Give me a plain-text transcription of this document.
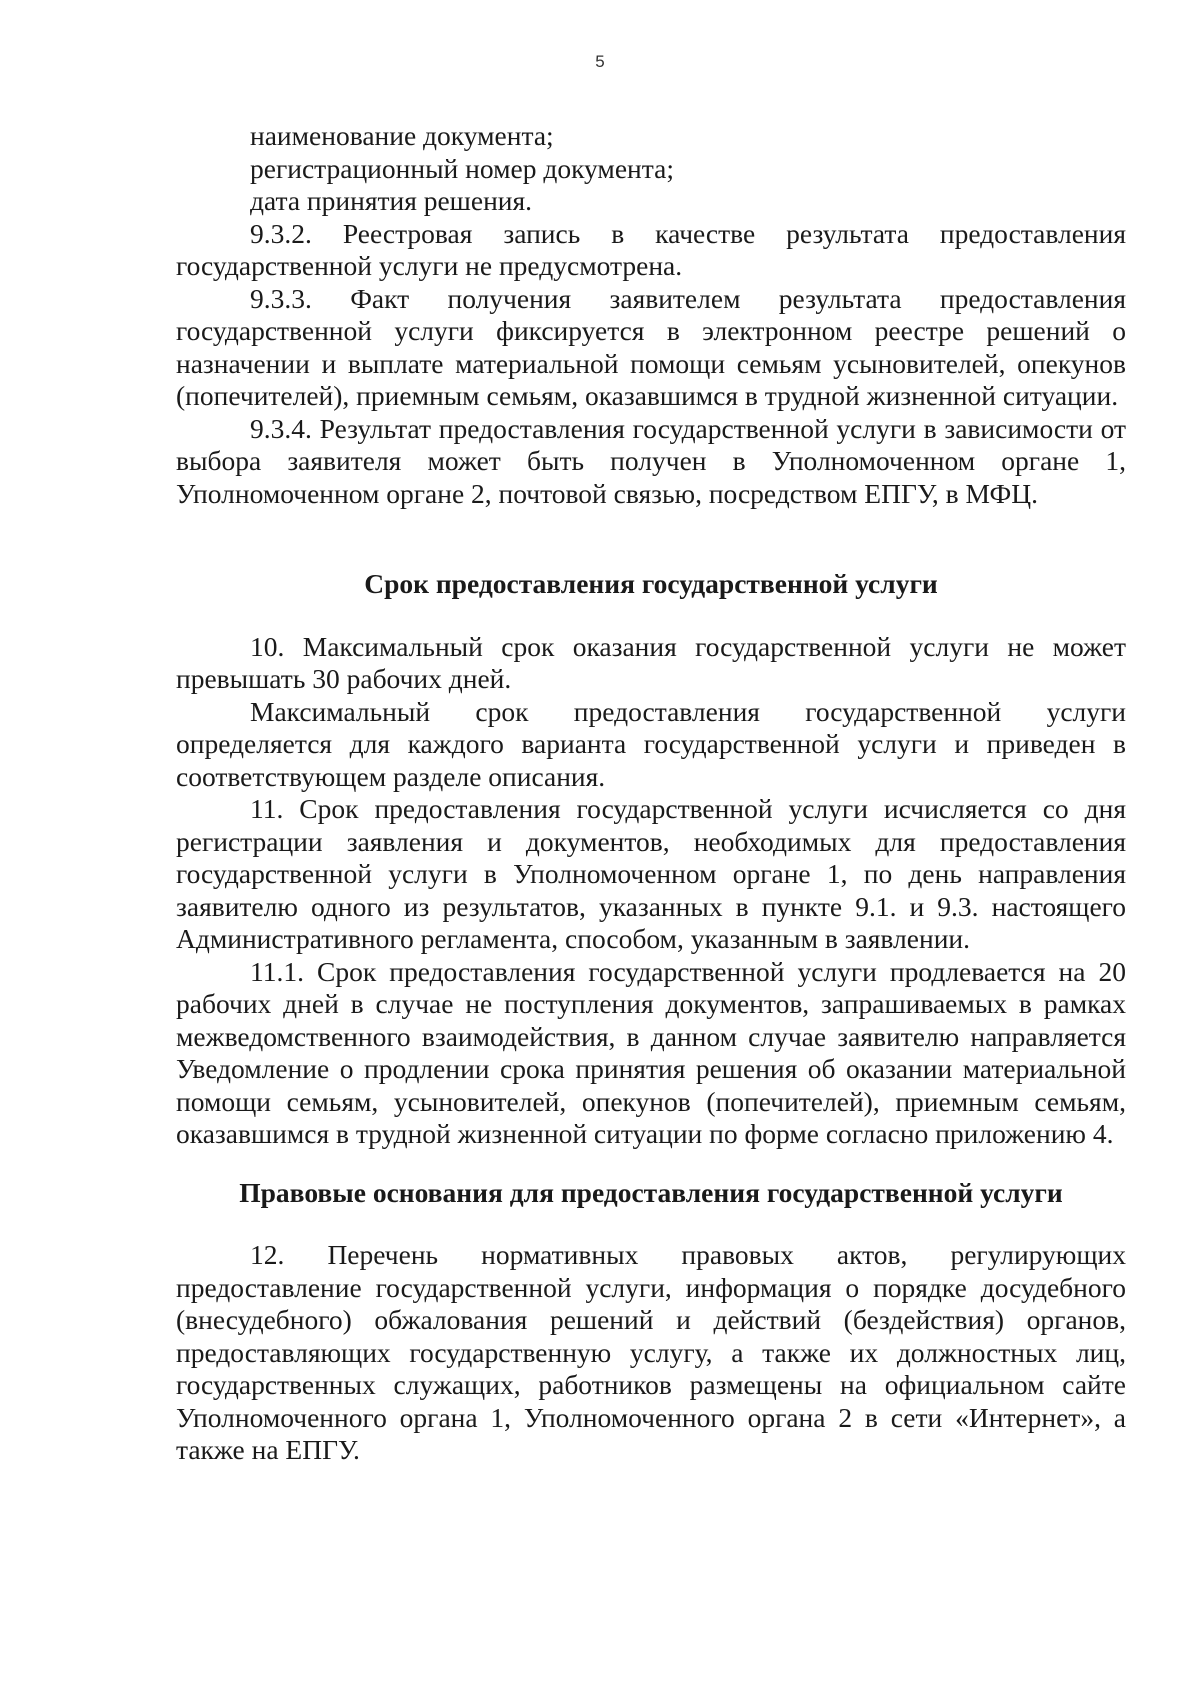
5

наименование документа;

регистрационный номер документа;

дата принятия решения.

9.3.2. Реестровая запись в качестве результата предоставления государственной услуги не предусмотрена.

9.3.3. Факт получения заявителем результата предоставления государственной услуги фиксируется в электронном реестре решений о назначении и выплате материальной помощи семьям усыновителей, опекунов (попечителей), приемным семьям, оказавшимся в трудной жизненной ситуации.

9.3.4. Результат предоставления государственной услуги в зависимости от выбора заявителя может быть получен в Уполномоченном органе 1, Уполномоченном органе 2, почтовой связью, посредством ЕПГУ, в МФЦ.

Срок предоставления государственной услуги

10. Максимальный срок оказания государственной услуги не может превышать 30 рабочих дней.

Максимальный срок предоставления государственной услуги определяется для каждого варианта государственной услуги и приведен в соответствующем разделе описания.

11. Срок предоставления государственной услуги исчисляется со дня регистрации заявления и документов, необходимых для предоставления государственной услуги в Уполномоченном органе 1, по день направления заявителю одного из результатов, указанных в пункте 9.1. и 9.3. настоящего Административного регламента, способом, указанным в заявлении.

11.1. Срок предоставления государственной услуги продлевается на 20 рабочих дней в случае не поступления документов, запрашиваемых в рамках межведомственного взаимодействия, в данном случае заявителю направляется Уведомление о продлении срока принятия решения об оказании материальной помощи семьям, усыновителей, опекунов (попечителей), приемным семьям, оказавшимся в трудной жизненной ситуации по форме согласно приложению 4.

Правовые основания для предоставления государственной услуги

12. Перечень нормативных правовых актов, регулирующих предоставление государственной услуги, информация о порядке досудебного (внесудебного) обжалования решений и действий (бездействия) органов, предоставляющих государственную услугу, а также их должностных лиц, государственных служащих, работников размещены на официальном сайте Уполномоченного органа 1, Уполномоченного органа 2 в сети «Интернет», а также на ЕПГУ.
